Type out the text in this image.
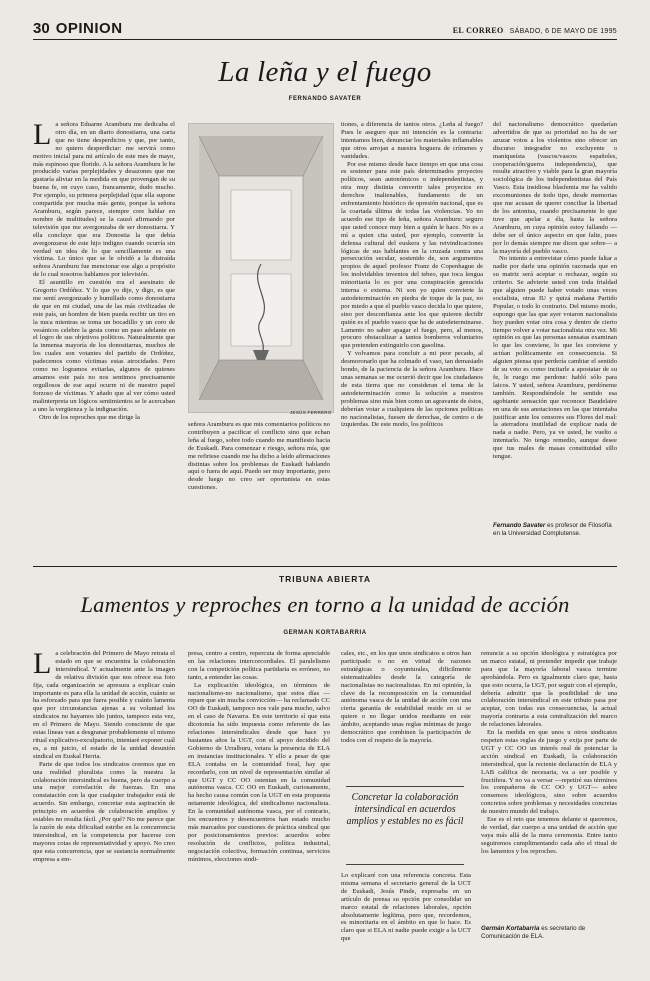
30 OPINION	EL CORREO SÁBADO, 6 DE MAYO DE 1995
La leña y el fuego
FERNANDO SAVATER
La señora Eduarne Aramburu me dedicaba el otro día, en un diario donostiarra, una carta que no tiene desperdicios y que, por tanto, no quiero desperdiciar: me servirá como motivo inicial para mi artículo de este mes de mayo, más espinoso que florido. A la señora Aramburu le he producido varias perplejidades y desazones que me gustaría aliviar en la medida en que provengan de su buena fe, en cuyo caso, francamente, dudo mucho. Por ejemplo, su primera perplejidad (que ella supone compartida por mucha más gente, porque la señora Aramburu, según parece, siempre cree hablar en nombre de multitudes) se la causó afirmando por televisión que me avergonzaba de ser donostiarra. Y ella concluye que era Donostia la que debía avergonzarse de este hijo indigno cuando ocurría sin verdad un idea de lo que sencillamente es una víctima. Lo único que se le olvidó a la distraída señora Aramburu fue mencionar ese algo a propósito de lo cual nosotros hablamos por televisión.
El asuntillo en cuestión era el asesinato de Gregorio Ordóñez. Y lo que yo dije, y digo, es que me sentí avergonzado y humillado como donostiarra de que en mi ciudad, una de las más civilizadas de este país, un hombre de bien pueda recibir un tiro en la nuca mientras se toma un bocadillo y un coro de vesánicos celebre la gesta como un paso adelante en el logro de sus objetivos políticos. Naturalmente que la inmensa mayoría de los donostiarras, muchos de los cuales son votantes del partido de Ordóñez, padecemos como víctimas estas atrocidades. Pero como no logramos evitarlas, algunos de quienes amamos este país no nos sentimos precisamente orgullosos de ese aquí ocurre ni de nuestro papel forzoso de víctimas. Y añado que al ver cómo usted malinterpreta un lógicos sentimientos se le acercaban a uno la vergüenza y la indignación.
Otro de los reproches que me dirige la
JESÚS FERRERO
señora Aramburu es que mis comentarios políticos no contribuyen a pacificar el conflicto sino que echan leña al fuego, sobre todo cuando me manifiesto hacia de Euskadi. Para comenzar e riesgo, señora mía, que me refiriese cuando me ha dicho a leído afirmaciones distintas sobre los problemas de Euskadi hablando aquí o fuera de aquí. Puedo ser muy importante, pero desde luego no creo ser oportunista en estas cuestiones.
tiones, a diferencia de tantos otros. ¿Leña al fuego? Pues le aseguro que mi intención es la contraria: intentamos bien, denunciar los materiales inflamables que otros arrojan a nuestra hoguera de crímenes y vanidades.
Por ese mismo desde hace tiempo en que una cosa es sostener para este país determinados proyectos políticos, sean autonómicos o independentistas, y otra muy distinta convertir tales proyectos en derechos inalienables, fundamento de un enfrentamiento histórico de opresión nacional, que es la coartada última de todas las violencias. Yo no acuerdo ese tipo de leña, señora Aramburu: seguro que usted conoce muy bien a quién le hace. No es a mí a quien cita usted, por ejemplo, convertir la defensa cultural del euskera y las reivindicaciones lógicas de sus hablantes en la cruzada contra una persecución secular, sostenido de, son argumentos propios de aquel profesor Franz de Copenhague de los inolvidables inventos del tebeo, que toca lengua minoritaria lo es por una conspiración genocida interna o externa. Ni son yo quien convierte la autodeterminación en piedra de toque de la paz, no por miedo a que el pueblo vasco decida lo que quiere, sino por desconfianza ante los que quieren decidir quién es el pueblo vasco que ha de autodeterminarse. Lamento no saber apagar el fuego, pero, al menos, procuro obstaculizar a tantos bomberos voluntarios que pretenden extinguirlo con gasolina.
Y volvamos para concluir a mi peor pecado, al desmoronarlo que ha colmado el vaso, tan demasiado hondo, de la paciencia de la señora Aramburu. Hace unas semanas se me ocurrió decir que los ciudadanos de esta tierra que no consideran el tema de la autodeterminación como la solución a nuestros problemas sino más bien como un agravante de éstos, deberían votar a cualquiera de las opciones políticas no nacionalistas, fuesen de derechas, de centro o de izquierdas. De este modo, los políticos
del nacionalismo democrático quedarían advertidos de que su prioridad no ha de ser azuzar votos a los violentos sino ofrecer un discurso integrador no excluyente o maniqueísta (vascos/vascos españoles, cooperación/guerra independencia), que resulte atractivo y viable para la gran mayoría sociológica de los independentistas del País Vasco. Esta insidiosa blasfemia me ha valido excomuniones de todo tipo, desde memorias que me acusan de querer conciliar la libertad de los antonius, cuando precisamente lo que tuve que apelar a éla, hasta la señora Aramburu, en cuya opinión estoy fallando —debe ser el único aspecto en que falte, pues por lo demás siempre me dicen que sobre— a la mayoría del pueblo vasco.
No intento a entrevistar cómo puede faltar a nadie por darle una opinión razonada que en su matriz será aceptar o rechazar, según su criterio. Se advierte usted con toda frialdad que alguien puede haber votado unas veces socialista, otras IU y quizá mañana Partido Popular, o todo lo contrario. Del mismo modo, supongo que las que ayer votaron nacionalista hoy pueden votar otra cosa y dentro de cierto tiempo volver a votar nacionalista otra vez. Mi opinión es que las personas sensatas examinan lo que les conviene, lo que les conviene y actúan políticamente en consecuencia. Si alguien piensa que perdería cambiar el sentido de su voto es como incitarle a apostatar de su fe, le ruego me perdone: habló sólo para laicos. Y usted, señora Aramburu, perdóneme también. Respondiéndole he sentido esa agobiante sensación que reconoce Baudelaire en una de sus anotaciones en las que intentaba justificar ante los censores sus Flores del mal: la aterradora inutilidad de explicar nada de nada a nadie. Pero, ya ve usted, he vuelto a intentarlo. No tengo remedio, aunque desee que tus males de masas constituidad sillo tengue.
Fernando Savater es profesor de Filosofía en la Universidad Complutense.
TRIBUNA ABIERTA
Lamentos y reproches en torno a la unidad de acción
GERMAN KORTABARRIA
La celebración del Primero de Mayo retrata el estado en que se encuentra la colaboración intersindical. Y actualmente ante la imagen de relativa división que nos ofrece esa foto fija, cada organización se apresura a explicar cuán importante es para ella la unidad de acción, cuánto se ha esforzado para que fuera posible y cuánto lamenta que por circunstancias ajenas a su voluntad los sindicatos no hayamos ido juntos, tampoco esta vez, en el Primero de Mayo. Siendo consciente de que estas líneas van a desgranar probablemente el mismo ritual explicativo-exculpatorio, intentaré exponer cuál es, a mi juicio, el estado de la unidad desunión sindical en Euskal Herria.
Parte de que todos los sindicatos creemos que en una realidad pluralista como la nuestra la colaboración intersindical es buena, pero da cuerpo a una mejor correlación de fuerzas. En una constatación con la que cualquier trabajador está de acuerdo. Sin embargo, concretar esta aspiración de principio en acuerdos de colaboración amplios y estables no resulta fácil. ¿Por qué? No me parece que la razón de esta dificultad estribe en la concurrencia intersindical, en la competencia por hacerse con mayores cotas de representatividad y apoyo. No creo que esta concurrencia, que se sustancia normalmente empresa a em-
presa, centro a centro, repercuta de forma apreciable en las relaciones intercorcordiales. El paralelismo con la competición política partidaria es erróneo, no tanto, a entender las cosas.
La explicación ideológica, en términos de nacionalismo-no nacionalismo, que estos días —repare que sin mucha convicción— ha reclamado CC OO de Euskadi, tampoco nos vale para mucho, salvo en el caso de Navarra. En este territorio sí que esta dicotomía ha sido impuesta como referente de las relaciones intersindicales desde que hace yo bastantes años la UGT, con el apoyo decidido del Gobierno de Urralburu, vetara la presencia de ELA en instancias institucionales. Y ello a pesar de que ELA contaba en la comunidad foral, hay que recordarlo, con un nivel de representación similar al que UGT y CC OO ostentan en la comunidad autónoma vasca. CC OO en Euskadi, curiosamente, ha hecho causa común con la UGT en esta propuesta netamente ideológica, del sindicalismo nacionalista. En la comunidad autónoma vasca, por el contrario, los encuentros y desencuentros han estado mucho más marcados por cuestiones de práctica sindical que por posicionamientos previos: acuerdos sobre resolución de conflictos, política industrial, negociación colectiva, formación continua, servicios mínimos, elecciones sindi-
cales, etc., en los que unos sindicatos u otros han participado o no en virtud de razones estratégicas o coyunturales, dificilmente sistematizables desde la categoría de nacionalistas no nacionalistas. En mi opinión, la clave de la recomposición en la comunidad autónoma vasca de la unidad de acción con una cierta garantía de estabilidad reside en si se quiere o no llegar unidos mediante en este ámbito, aceptando unas reglas mínimas de juego democrático que combinen la participación de todos con el respeto de la mayoría.
Concretar la colaboración intersindical en acuerdos amplios y estables no es fácil
Lo explicaré con una referencia concreta. Esta misma semana el secretario general de la UCT de Euskadi, Jesús Pinde, expresaba en un artículo de prensa su opción por consolidar un marco estatal de relaciones laborales, opción absolutamente legítima, pero que, recordemos, es minoritaria en el ámbito en que lo hace. Es claro que si ELA ni nadie puede exigir a la UCT que
renuncie a su opción ideológica y estratégica por un marco estatal, ni pretender impedir que trabaje para que la mayoría laboral vasca termine aprobándola. Pero es igualmente claro que, hasta que esto ocurra, la UGT, por seguir con el ejemplo, debería admitir que la posibilidad de una colaboración intersindical en este tributo pasa por aceptar, con todas sus consecuencias, la actual mayoría contraria a esta centralización del marco de relaciones laborales.
En la medida en que unos u otros sindicatos respeten estas reglas de juego y exija por parte de UGT y CC OO un interés real de potenciar la acción sindical en Euskadi, la colaboración intersindical, que la reciente declaración de ELA y LAB califica de necesaria, va a ser posible y fructífera. Y no va a versar —repetiré sus términos los compañeros de CC OO y UGT— sobre consensos ideológicos, sino sobre acuerdos concretos sobre problemas y necesidades concretas de nuestro mundo del trabajo.
Ese es el reto que tenemos delante si queremos, de verdad, dar cuerpo a una unidad de acción que vaya más allá de la mera ceremonia. Entre tanto seguiremos cumplimentando cada año el ritual de los lamentos y los reproches.
Germán Kortabarria es secretario de Comunicación de ELA.
